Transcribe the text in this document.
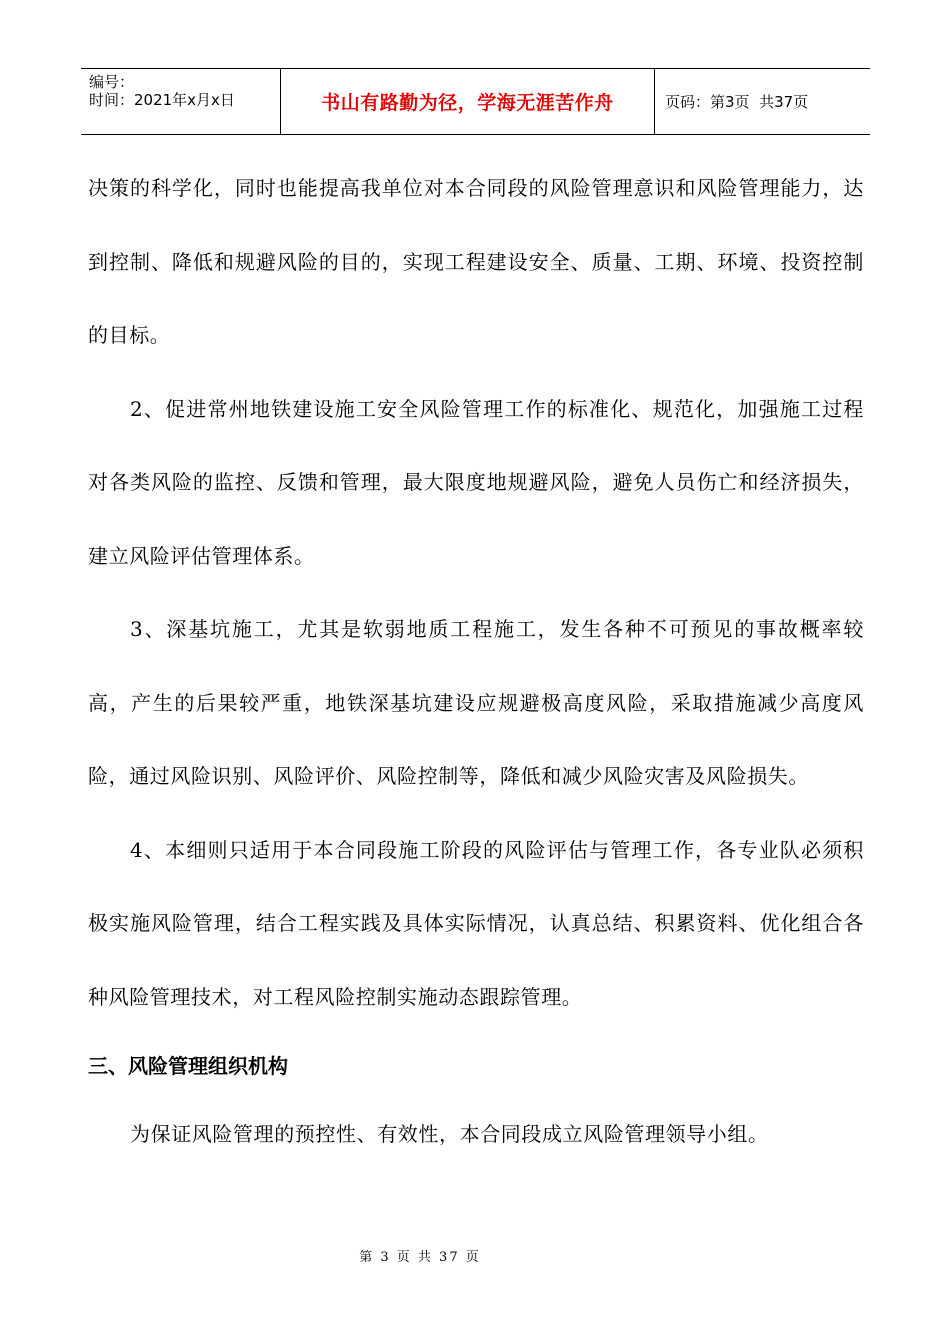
编号：
时间：2021年x月x日	书山有路勤为径，学海无涯苦作舟	页码：第3页  共37页

决策的科学化，同时也能提高我单位对本合同段的风险管理意识和风险管理能力，达到控制、降低和规避风险的目的，实现工程建设安全、质量、工期、环境、投资控制的目标。

2、促进常州地铁建设施工安全风险管理工作的标准化、规范化，加强施工过程对各类风险的监控、反馈和管理，最大限度地规避风险，避免人员伤亡和经济损失，建立风险评估管理体系。

3、深基坑施工，尤其是软弱地质工程施工，发生各种不可预见的事故概率较高，产生的后果较严重，地铁深基坑建设应规避极高度风险，采取措施减少高度风险，通过风险识别、风险评价、风险控制等，降低和减少风险灾害及风险损失。

4、本细则只适用于本合同段施工阶段的风险评估与管理工作，各专业队必须积极实施风险管理，结合工程实践及具体实际情况，认真总结、积累资料、优化组合各种风险管理技术，对工程风险控制实施动态跟踪管理。

三、风险管理组织机构

为保证风险管理的预控性、有效性，本合同段成立风险管理领导小组。

第 3 页 共 37 页
